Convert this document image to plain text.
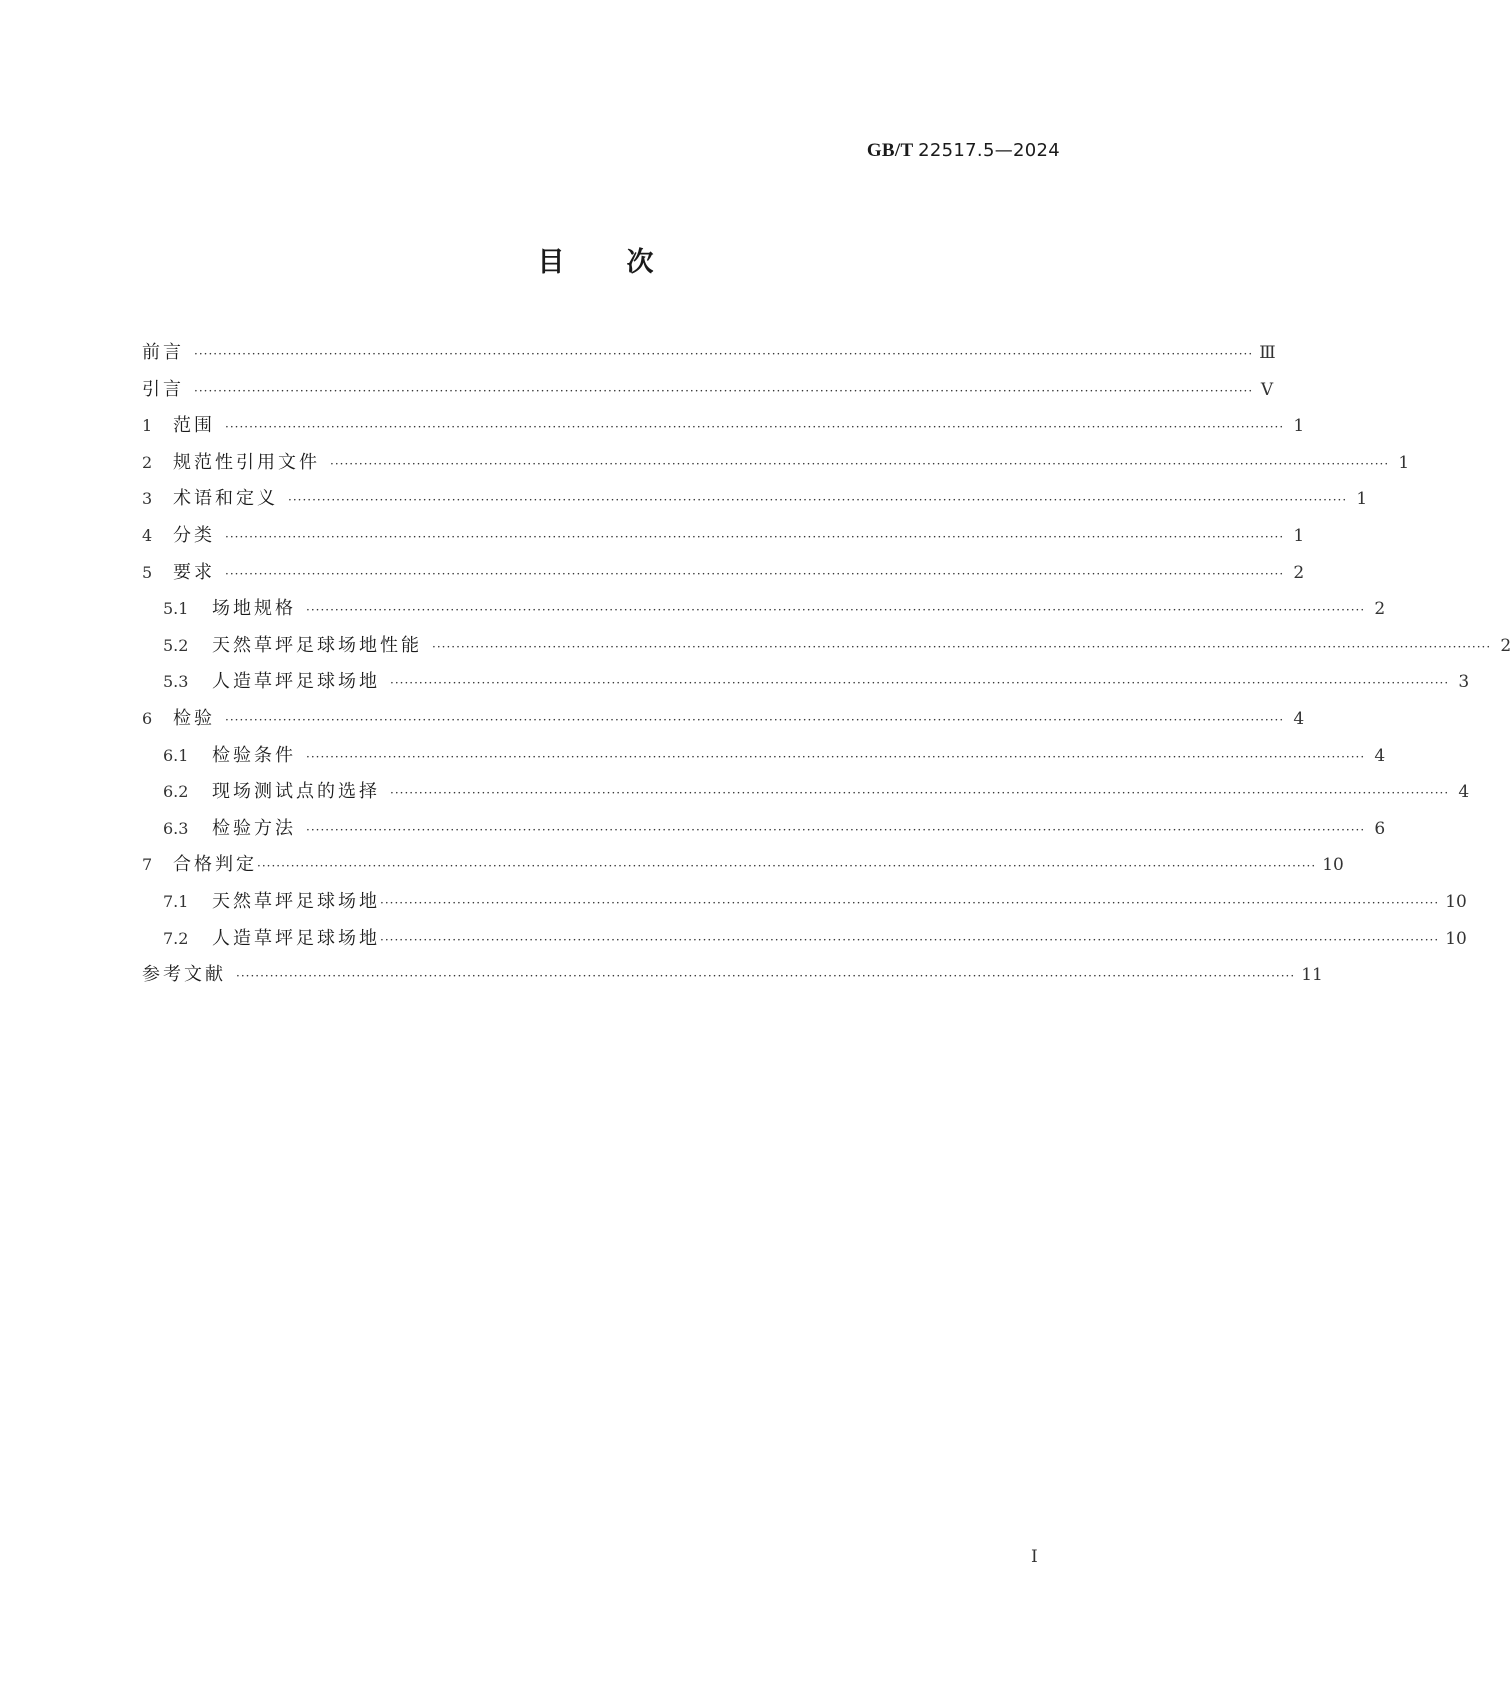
GB/T 22517.5—2024
目次
前言 ···························································································································································································································· Ⅲ
引言 ···························································································································································································································· Ⅴ
1 范围 ···························································································································································································································· 1
2 规范性引用文件 ···························································································································································································································· 1
3 术语和定义 ···························································································································································································································· 1
4 分类 ···························································································································································································································· 1
5 要求 ···························································································································································································································· 2
5.1 场地规格 ···························································································································································································································· 2
5.2 天然草坪足球场地性能 ···························································································································································································································· 2
5.3 人造草坪足球场地 ···························································································································································································································· 3
6 检验 ···························································································································································································································· 4
6.1 检验条件 ···························································································································································································································· 4
6.2 现场测试点的选择 ···························································································································································································································· 4
6.3 检验方法 ···························································································································································································································· 6
7 合格判定 ···························································································································································································································· 10
7.1 天然草坪足球场地 ···························································································································································································································· 10
7.2 人造草坪足球场地 ···························································································································································································································· 10
参考文献 ···························································································································································································································· 11
I
